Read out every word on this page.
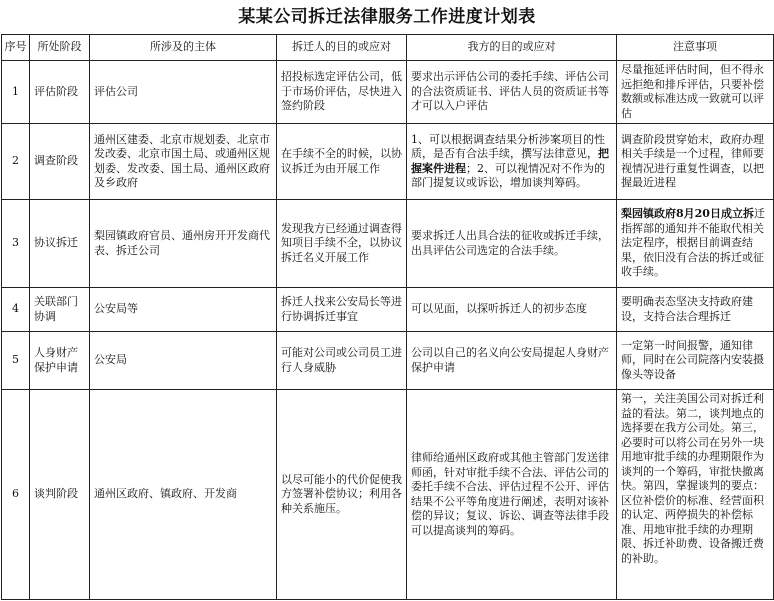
某某公司拆迁法律服务工作进度计划表
序号	所处阶段	所涉及的主体	拆迁人的目的或应对	我方的目的或应对	注意事项
1	评估阶段	评估公司	招投标选定评估公司，低于市场价评估，尽快进入签约阶段	要求出示评估公司的委托手续、评估公司的合法资质证书、评估人员的资质证书等才可以入户评估	尽量拖延评估时间，但不得永远拒绝和排斥评估，只要补偿数额或标准达成一致就可以评估
2	调查阶段	通州区建委、北京市规划委、北京市发改委、北京市国土局、或通州区规划委、发改委、国土局、通州区政府及乡政府	在手续不全的时候，以协议拆迁为由开展工作	1、可以根据调查结果分析涉案项目的性质，是否有合法手续，撰写法律意见，把握案件进程；2、可以视情况对不作为的部门提复议或诉讼，增加谈判筹码。	调查阶段贯穿始末，政府办理相关手续是一个过程，律师要视情况进行重复性调查，以把握最近进程
3	协议拆迁	梨园镇政府官员、通州房开开发商代表、拆迁公司	发现我方已经通过调查得知项目手续不全，以协议拆迁名义开展工作	要求拆迁人出具合法的征收或拆迁手续，出具评估公司选定的合法手续。	梨园镇政府8月20日成立拆迁指挥部的通知并不能取代相关法定程序，根据目前调查结果，依旧没有合法的拆迁或征收手续。
4	关联部门协调	公安局等	拆迁人找来公安局长等进行协调拆迁事宜	可以见面，以探听拆迁人的初步态度	要明确表态坚决支持政府建设，支持合法合理拆迁
5	人身财产保护申请	公安局	可能对公司或公司员工进行人身威胁	公司以自己的名义向公安局提起人身财产保护申请	一定第一时间报警，通知律师，同时在公司院落内安装摄像头等设备
6	谈判阶段	通州区政府、镇政府、开发商	以尽可能小的代价促使我方签署补偿协议；利用各种关系施压。	律师给通州区政府或其他主管部门发送律师函，针对审批手续不合法、评估公司的委托手续不合法、评估过程不公开、评估结果不公平等角度进行阐述，表明对该补偿的异议；复议、诉讼、调查等法律手段可以提高谈判的筹码。	第一，关注美国公司对拆迁利益的看法。第二，谈判地点的选择要在我方公司处。第三，必要时可以将公司在另外一块用地审批手续的办理期限作为谈判的一个筹码，审批快撤离快。第四，掌握谈判的要点：区位补偿价的标准、经营面积的认定、两停损失的补偿标准、用地审批手续的办理期限、拆迁补助费、设备搬迁费的补助。
